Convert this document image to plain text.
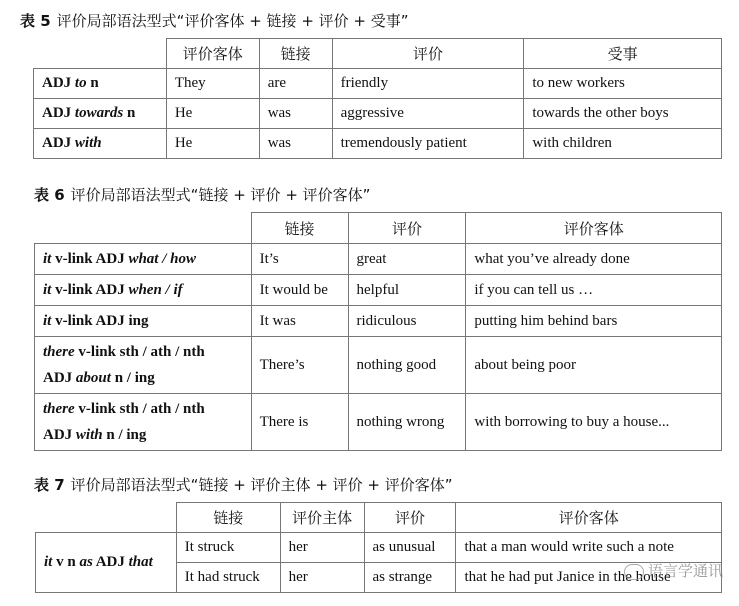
表 5 评价局部语法型式“评价客体 + 链接 + 评价 + 受事”
	评价客体	链接	评价	受事
ADJ to n	They	are	friendly	to new workers
ADJ towards n	He	was	aggressive	towards the other boys
ADJ with	He	was	tremendously patient	with children
表 6 评价局部语法型式“链接 + 评价 + 评价客体”
	链接	评价	评价客体
it v-link ADJ what / how	It’s	great	what you’ve already done
it v-link ADJ when / if	It would be	helpful	if you can tell us …
it v-link ADJ ing	It was	ridiculous	putting him behind bars
there v-link sth / ath / nth
ADJ about n / ing	There’s	nothing good	about being poor
there v-link sth / ath / nth
ADJ with n / ing	There is	nothing wrong	with borrowing to buy a house...
表 7 评价局部语法型式“链接 + 评价主体 + 评价 + 评价客体”
	链接	评价主体	评价	评价客体
it v n as ADJ that	It struck	her	as unusual	that a man would write such a note
	It had struck	her	as strange	that he had put Janice in the house
语言学通讯
